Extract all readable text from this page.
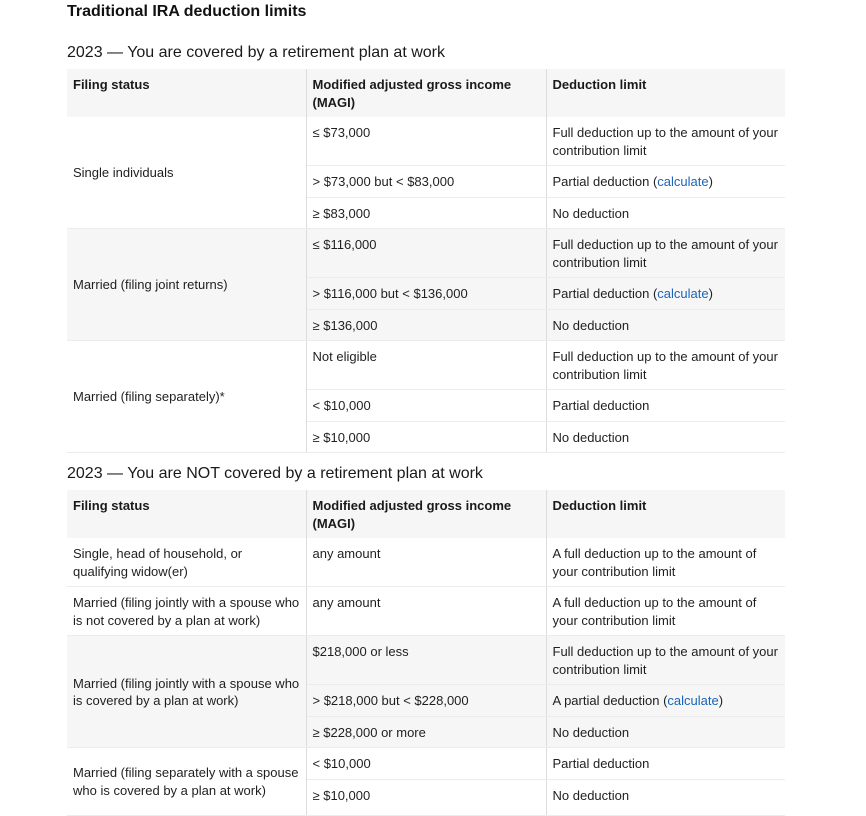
Traditional IRA deduction limits
2023 — You are covered by a retirement plan at work
Filing status	Modified adjusted gross income (MAGI)	Deduction limit
Single individuals	≤ $73,000	Full deduction up to the amount of your contribution limit
	> $73,000 but < $83,000	Partial deduction (calculate)
	≥ $83,000	No deduction
Married (filing joint returns)	≤ $116,000	Full deduction up to the amount of your contribution limit
	> $116,000 but < $136,000	Partial deduction (calculate)
	≥ $136,000	No deduction
Married (filing separately)*	Not eligible	Full deduction up to the amount of your contribution limit
	< $10,000	Partial deduction
	≥ $10,000	No deduction
2023 — You are NOT covered by a retirement plan at work
Filing status	Modified adjusted gross income (MAGI)	Deduction limit
Single, head of household, or qualifying widow(er)	any amount	A full deduction up to the amount of your contribution limit
Married (filing jointly with a spouse who is not covered by a plan at work)	any amount	A full deduction up to the amount of your contribution limit
Married (filing jointly with a spouse who is covered by a plan at work)	$218,000 or less	Full deduction up to the amount of your contribution limit
	> $218,000 but < $228,000	A partial deduction (calculate)
	≥ $228,000 or more	No deduction
Married (filing separately with a spouse who is covered by a plan at work)	< $10,000	Partial deduction
	≥ $10,000	No deduction
